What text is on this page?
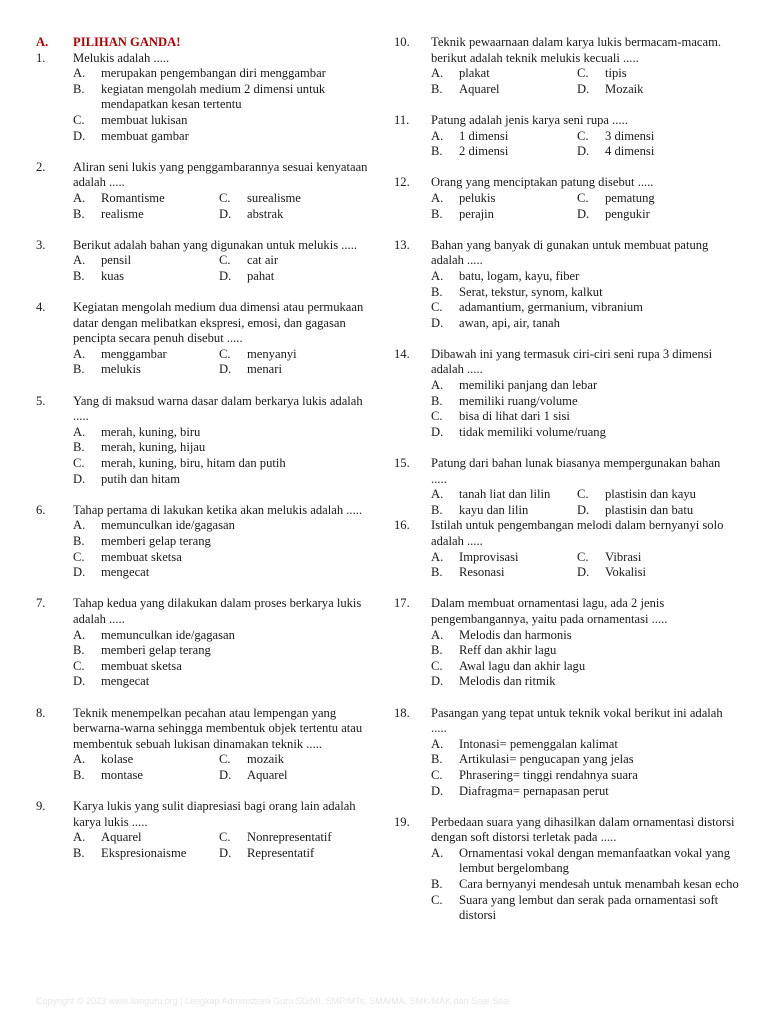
A.	PILIHAN GANDA!
1.	Melukis adalah .....
A.	merupakan pengembangan diri menggambar
B.	kegiatan mengolah medium 2 dimensi untuk mendapatkan kesan tertentu
C.	membuat lukisan
D.	membuat gambar
2.	Aliran seni lukis yang penggambarannya sesuai kenyataan adalah .....
A.	Romantisme	C.	surealisme
B.	realisme	D.	abstrak
3.	Berikut adalah bahan yang digunakan untuk melukis .....
A.	pensil	C.	cat air
B.	kuas	D.	pahat
4.	Kegiatan mengolah medium dua dimensi atau permukaan datar dengan melibatkan ekspresi, emosi, dan gagasan pencipta secara penuh disebut .....
A.	menggambar	C.	menyanyi
B.	melukis	D.	menari
5.	Yang di maksud warna dasar dalam berkarya lukis adalah .....
A.	merah, kuning, biru
B.	merah, kuning, hijau
C.	merah, kuning, biru, hitam dan putih
D.	putih dan hitam
6.	Tahap pertama di lakukan ketika akan melukis adalah .....
A.	memunculkan ide/gagasan
B.	memberi gelap terang
C.	membuat sketsa
D.	mengecat
7.	Tahap kedua yang dilakukan dalam proses berkarya lukis adalah .....
A.	memunculkan ide/gagasan
B.	memberi gelap terang
C.	membuat sketsa
D.	mengecat
8.	Teknik menempelkan pecahan atau lempengan yang berwarna-warna sehingga membentuk objek tertentu atau membentuk sebuah lukisan dinamakan teknik .....
A.	kolase	C.	mozaik
B.	montase	D.	Aquarel
9.	Karya lukis yang sulit diapresiasi bagi orang lain adalah karya lukis .....
A.	Aquarel	C.	Nonrepresentatif
B.	Ekspresionaisme	D.	Representatif
10.	Teknik pewaarnaan dalam karya lukis bermacam-macam. berikut adalah teknik melukis kecuali .....
A.	plakat	C.	tipis
B.	Aquarel	D.	Mozaik
11.	Patung adalah jenis karya seni rupa .....
A.	1 dimensi	C.	3 dimensi
B.	2 dimensi	D.	4 dimensi
12.	Orang yang menciptakan patung disebut .....
A.	pelukis	C.	pematung
B.	perajin	D.	pengukir
13.	Bahan yang banyak di gunakan untuk membuat patung adalah .....
A.	batu, logam, kayu, fiber
B.	Serat, tekstur, synom, kalkut
C.	adamantium, germanium, vibranium
D.	awan, api, air, tanah
14.	Dibawah ini yang termasuk ciri-ciri seni rupa 3 dimensi adalah .....
A.	memiliki panjang dan lebar
B.	memiliki ruang/volume
C.	bisa di lihat dari 1 sisi
D.	tidak memiliki volume/ruang
15.	Patung dari bahan lunak biasanya mempergunakan bahan .....
A.	tanah liat dan lilin	C.	plastisin dan kayu
B.	kayu dan lilin	D.	plastisin dan batu
16.	Istilah untuk pengembangan melodi dalam bernyanyi solo adalah .....
A.	Improvisasi	C.	Vibrasi
B.	Resonasi	D.	Vokalisi
17.	Dalam membuat ornamentasi lagu, ada 2 jenis pengembangannya, yaitu pada ornamentasi .....
A.	Melodis dan harmonis
B.	Reff dan akhir lagu
C.	Awal lagu dan akhir lagu
D.	Melodis dan ritmik
18.	Pasangan yang tepat untuk teknik vokal berikut ini adalah .....
A.	Intonasi= pemenggalan kalimat
B.	Artikulasi= pengucapan yang jelas
C.	Phrasering= tinggi rendahnya suara
D.	Diafragma= pernapasan perut
19.	Perbedaan suara yang dihasilkan dalam ornamentasi distorsi dengan soft distorsi terletak pada .....
A.	Ornamentasi vokal dengan memanfaatkan vokal yang lembut bergelombang
B.	Cara bernyanyi mendesah untuk menambah kesan echo
C.	Suara yang lembut dan serak pada ornamentasi soft distorsi
Copyright © 2023 www.lianguru.org | Lengkap Administrasi Guru SD/MI, SMP/MTs, SMA/MA, SMK/MAK dan Soal-Soal
